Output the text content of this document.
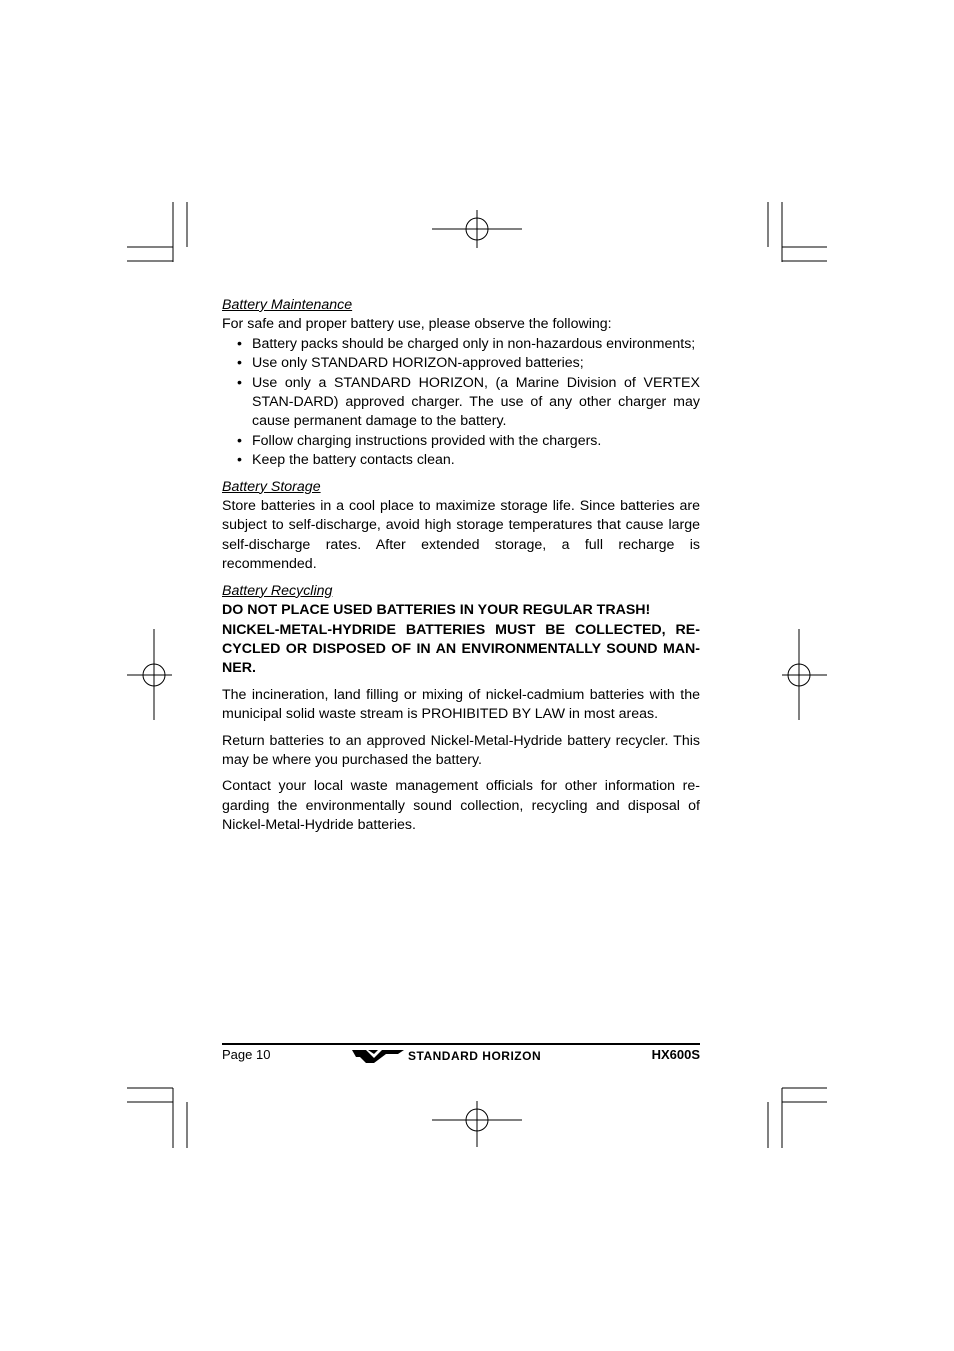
Battery Maintenance

For safe and proper battery use, please observe the following:

• Battery packs should be charged only in non-hazardous environments;
• Use only STANDARD HORIZON-approved batteries;
• Use only a STANDARD HORIZON, (a Marine Division of VERTEX STAN-DARD) approved charger. The use of any other charger may cause permanent damage to the battery.
• Follow charging instructions provided with the chargers.
• Keep the battery contacts clean.

Battery Storage

Store batteries in a cool place to maximize storage life. Since batteries are subject to self-discharge, avoid high storage temperatures that cause large self-discharge rates. After extended storage, a full recharge is recommended.

Battery Recycling

DO NOT PLACE USED BATTERIES IN YOUR REGULAR TRASH!

NICKEL-METAL-HYDRIDE BATTERIES MUST BE COLLECTED, RE-CYCLED OR DISPOSED OF IN AN ENVIRONMENTALLY SOUND MAN-NER.

The incineration, land filling or mixing of nickel-cadmium batteries with the municipal solid waste stream is PROHIBITED BY LAW in most areas.

Return batteries to an approved Nickel-Metal-Hydride battery recycler. This may be where you purchased the battery.

Contact your local waste management officials for other information re-garding the environmentally sound collection, recycling and disposal of Nickel-Metal-Hydride batteries.

Page 10	STANDARD HORIZON	HX600S
